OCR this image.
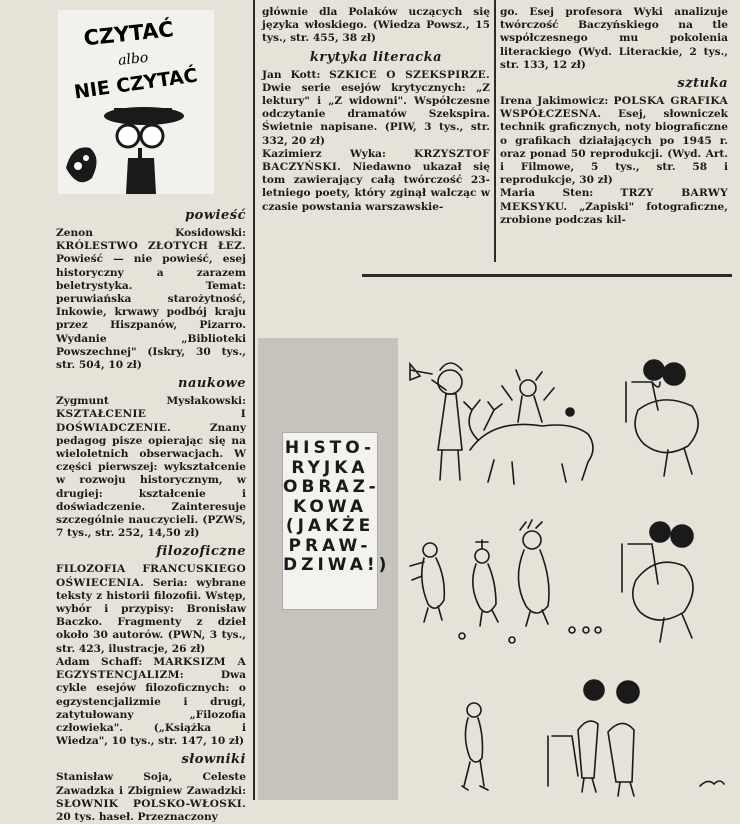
CZYTAĆ
albo
NIE CZYTAĆ
powieść

Zenon Kosidowski: KRÓLESTWO ZŁOTYCH ŁEZ. Powieść — nie powieść, esej historyczny a zarazem beletrystyka. Temat: peruwiańska starożytność, Inkowie, krwawy podbój kraju przez Hiszpanów, Pizarro. Wydanie „Biblioteki Powszechnej" (Iskry, 30 tys., str. 504, 10 zł)

naukowe

Zygmunt Mysłakowski: KSZTAŁCENIE I DOŚWIADCZENIE.	Znany pedagog pisze opierając się na wieloletnich obserwacjach. W części pierwszej: wykształcenie w rozwoju historycznym, w drugiej: kształcenie i doświadczenie. Zainteresuje szczególnie nauczycieli. (PZWS, 7 tys., str. 252, 14,50 zł)

filozoficzne

FILOZOFIA FRANCUSKIEGO OŚWIECENIA. Seria: wybrane teksty z historii filozofii. Wstęp, wybór i przypisy: Bronisław Baczko. Fragmenty z dzieł około 30 autorów. (PWN, 3 tys., str. 423, ilustracje, 26 zł)

Adam Schaff: MARKSIZM A EGZYSTENCJALIZM:	Dwa cykle esejów filozoficznych: o egzystencjalizmie i drugi, zatytułowany „Filozofia człowieka". („Książka i Wiedza", 10 tys., str. 147, 10 zł)

słowniki

Stanisław Soja, Celeste Zawadzka i Zbigniew Zawadzki: SŁOWNIK POLSKO-WŁOSKI. 20 tys. haseł. Przeznaczony

głównie dla Polaków uczących się języka włoskiego. (Wiedza Powsz., 15 tys., str. 455, 38 zł)

krytyka literacka

Jan Kott: SZKICE O SZEKSPIRZE. Dwie serie esejów krytycznych: „Z lektury" i „Z widowni". Współczesne odczytanie dramatów Szekspira. Świetnie napisane. (PIW, 3 tys., str. 332, 20 zł)

Kazimierz Wyka:	KRZYSZTOF BACZYŃSKI. Niedawno ukazał się tom zawierający całą twórczość 23-letniego poety, który zginął walcząc w czasie powstania warszawskie-

go. Esej profesora Wyki analizuje twórczość Baczyńskiego na tle współczesnego mu pokolenia literackiego (Wyd. Literackie, 2 tys., str. 133, 12 zł)

sztuka

Irena Jakimowicz: POLSKA GRAFIKA WSPÓŁCZESNA. Esej, słowniczek technik graficznych, noty biograficzne o grafikach działających po 1945 r. oraz ponad 50 reprodukcji. (Wyd. Art. i Filmowe, 5 tys., str. 58 i reprodukcje, 30 zł)

Maria Sten:	TRZY BARWY MEKSYKU. „Zapiski" fotograficzne, zrobione podczas kil-

HISTO-
RYJKA
OBRAZ-
KOWA
(JAKŻE
PRAW-
DZIWA!)
